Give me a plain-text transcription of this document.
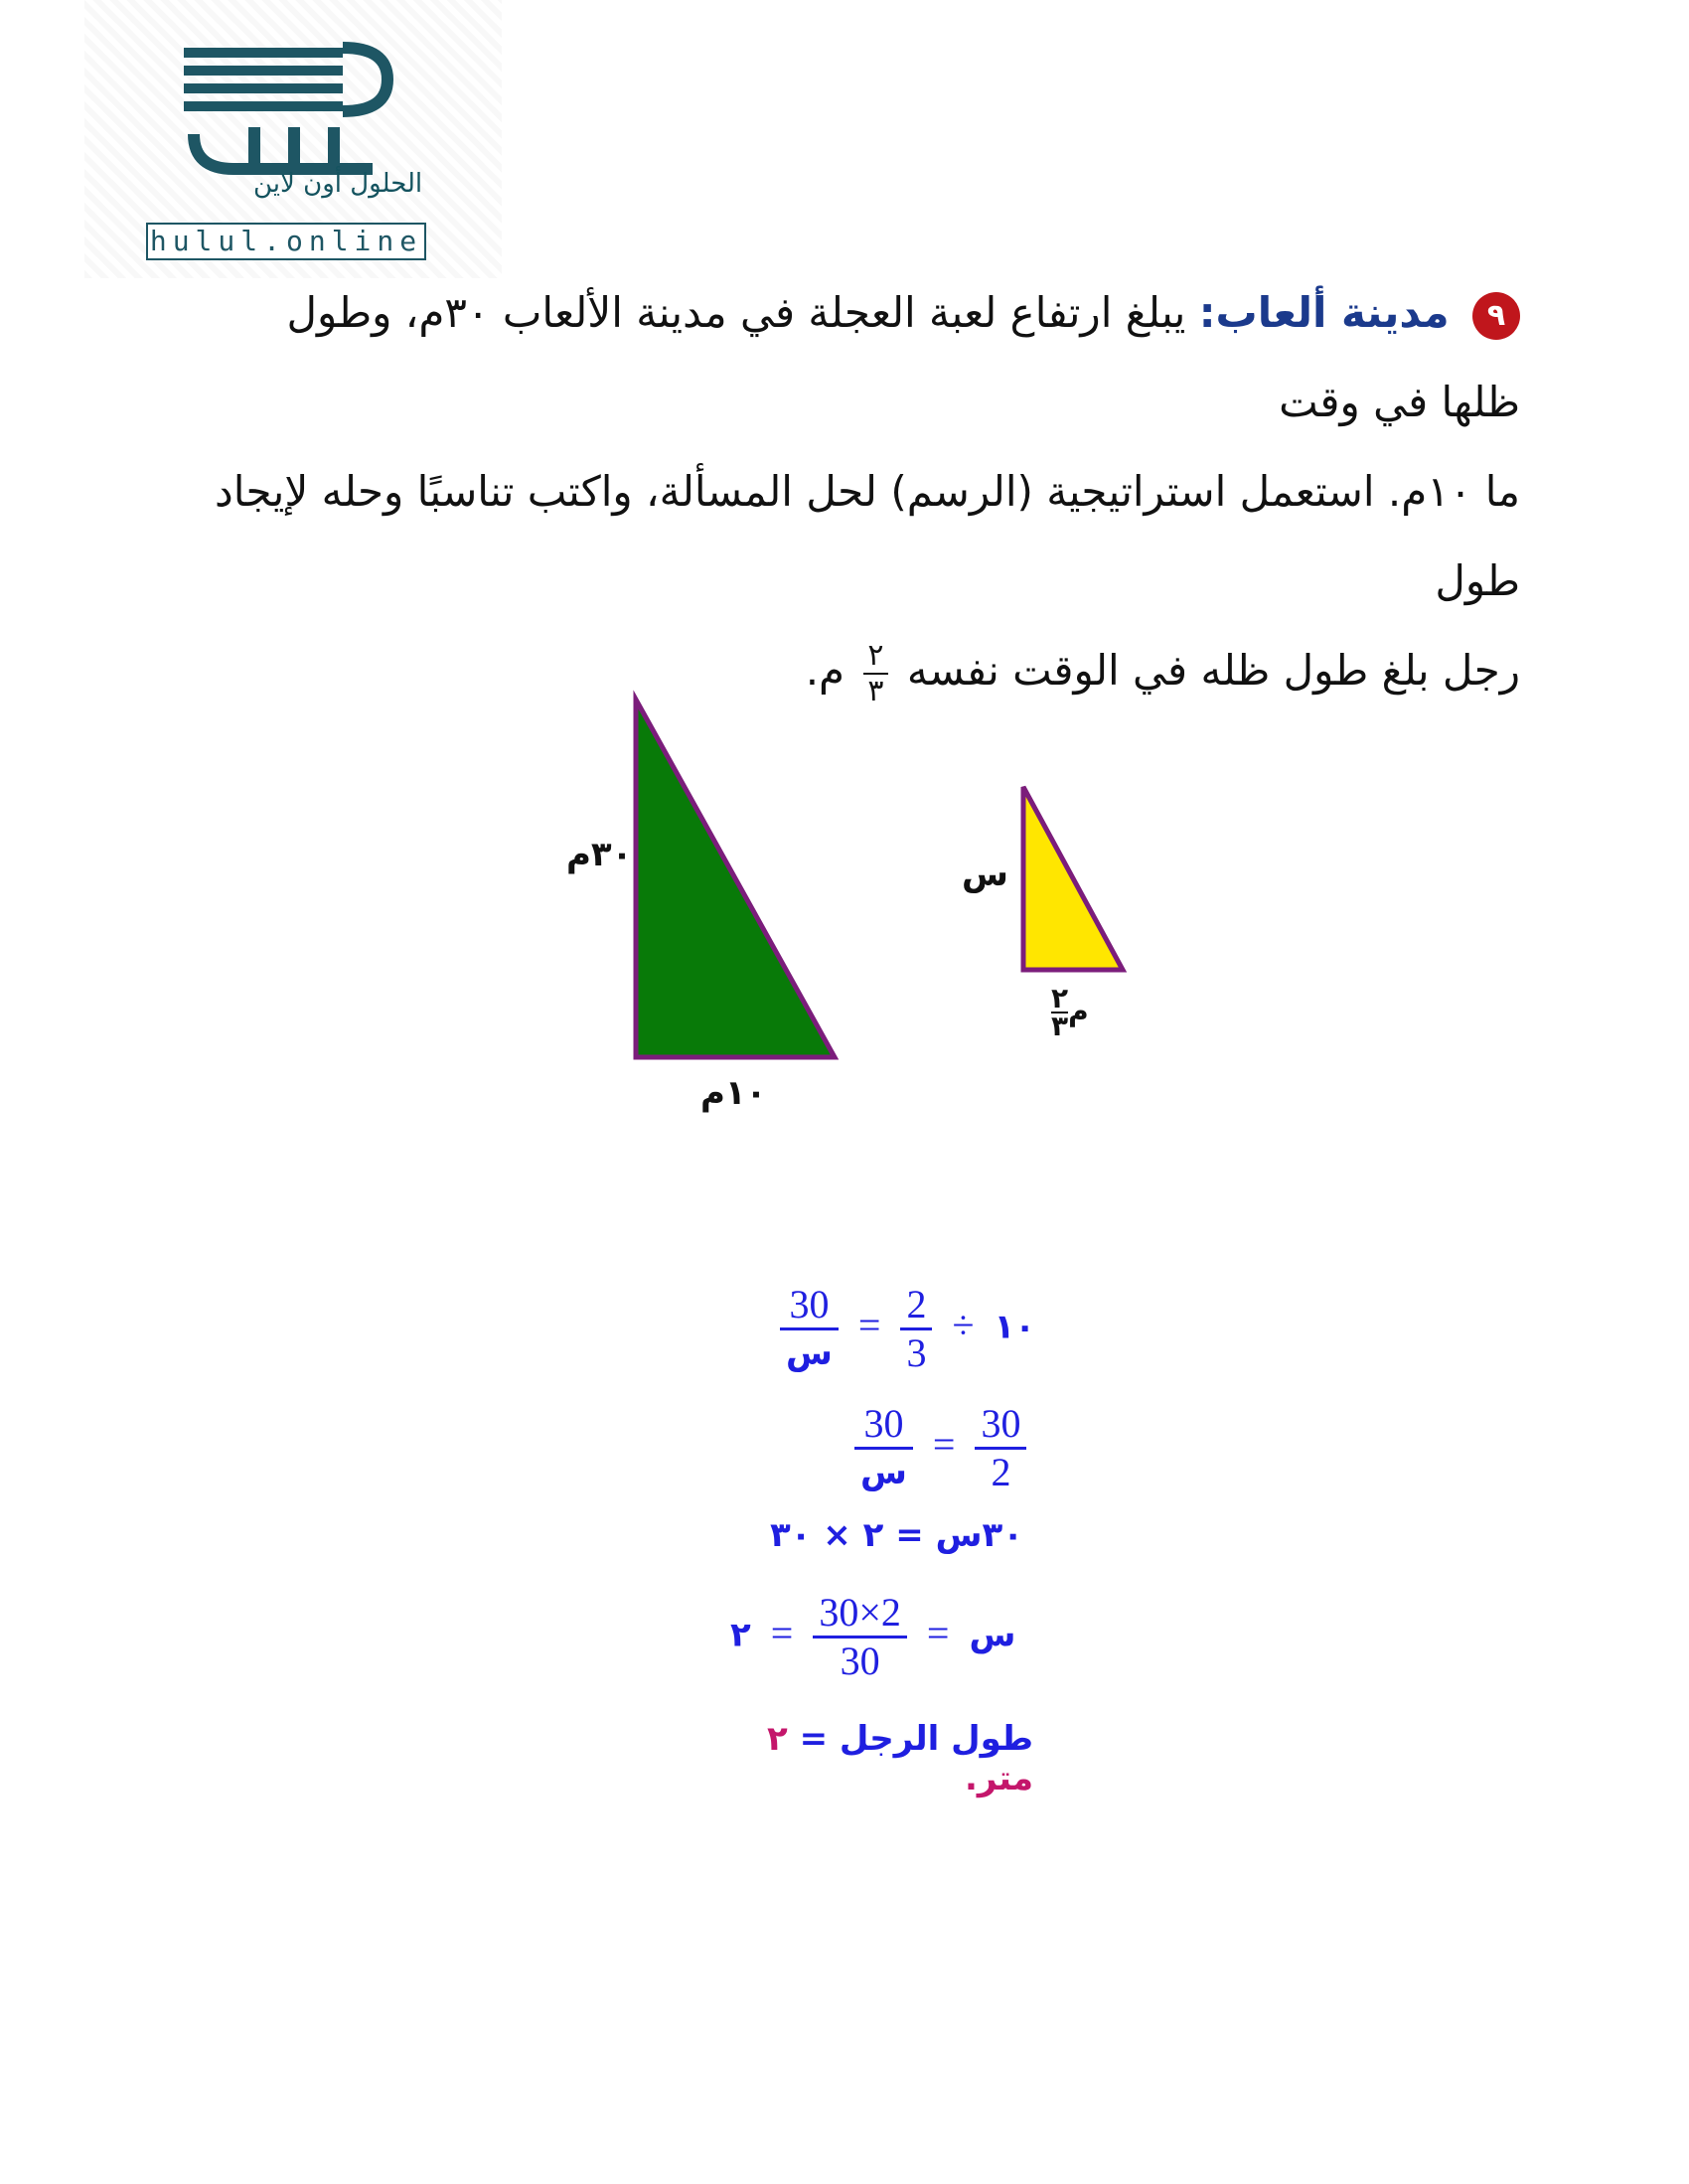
الحلول أون لاين
hulul.online
٩ مدينة ألعاب: يبلغ ارتفاع لعبة العجلة في مدينة الألعاب ٣٠م، وطول ظلها في وقت
ما ١٠م. استعمل استراتيجية (الرسم) لحل المسألة، واكتب تناسبًا وحله لإيجاد طول
رجل بلغ طول ظله في الوقت نفسه
$\frac{٢}{٣}$
م.
٣٠م
١٠م
س
٢
٣ م
$\frac{30}{\text{س}} = \frac{2}{3}$ ÷ ١٠
$\frac{30}{\text{س}} = \frac{30}{2}$
٣٠س = ٢ × ٣٠
س =
$\frac{30\times 2}{30}$
= ٢
طول الرجل = ٢ متر.
